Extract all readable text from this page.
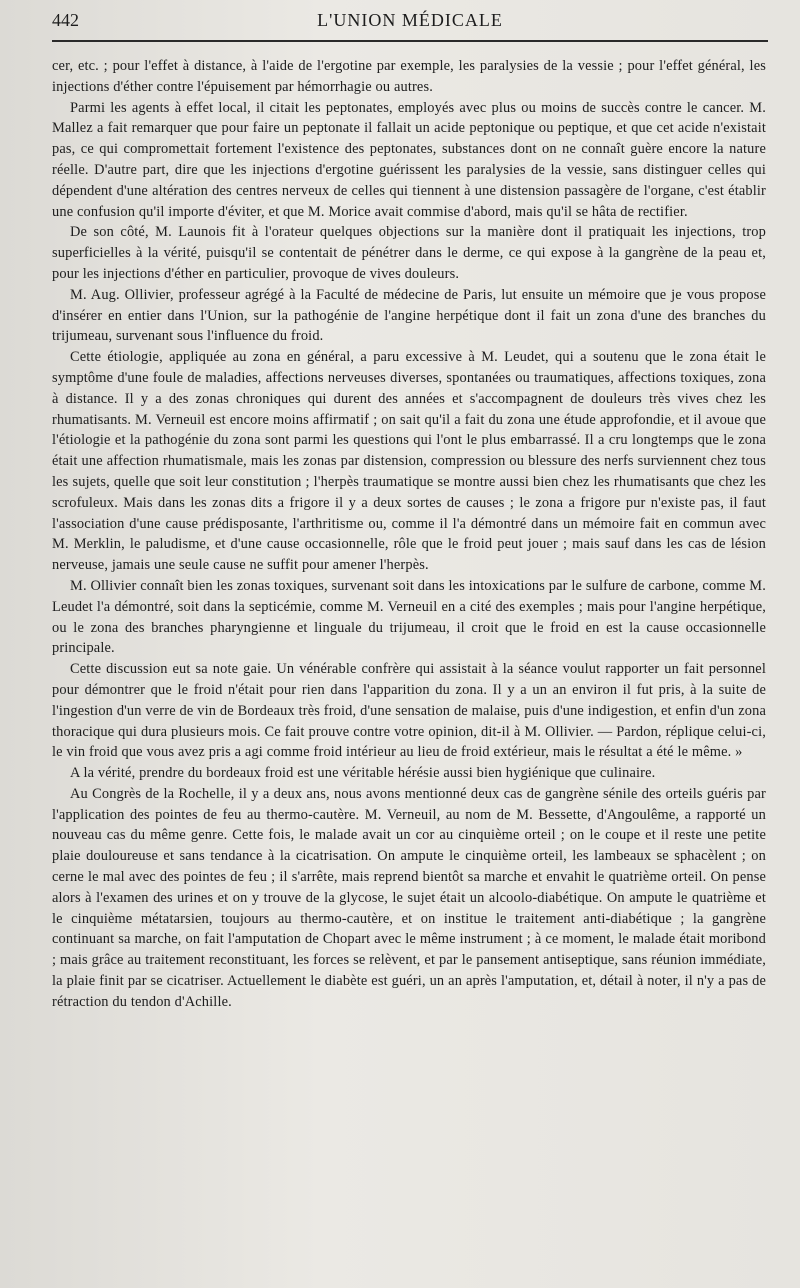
442	L'UNION MÉDICALE

cer, etc. ; pour l'effet à distance, à l'aide de l'ergotine par exemple, les paralysies de la vessie ; pour l'effet général, les injections d'éther contre l'épuisement par hémorrhagie ou autres.

Parmi les agents à effet local, il citait les peptonates, employés avec plus ou moins de succès contre le cancer. M. Mallez a fait remarquer que pour faire un peptonate il fallait un acide peptonique ou peptique, et que cet acide n'existait pas, ce qui compromettait fortement l'existence des peptonates, substances dont on ne connaît guère encore la nature réelle. D'autre part, dire que les injections d'ergotine guérissent les paralysies de la vessie, sans distinguer celles qui dépendent d'une altération des centres nerveux de celles qui tiennent à une distension passagère de l'organe, c'est établir une confusion qu'il importe d'éviter, et que M. Morice avait commise d'abord, mais qu'il se hâta de rectifier.

De son côté, M. Launois fit à l'orateur quelques objections sur la manière dont il pratiquait les injections, trop superficielles à la vérité, puisqu'il se contentait de pénétrer dans le derme, ce qui expose à la gangrène de la peau et, pour les injections d'éther en particulier, provoque de vives douleurs.

M. Aug. Ollivier, professeur agrégé à la Faculté de médecine de Paris, lut ensuite un mémoire que je vous propose d'insérer en entier dans l'Union, sur la pathogénie de l'angine herpétique dont il fait un zona d'une des branches du trijumeau, survenant sous l'influence du froid.

Cette étiologie, appliquée au zona en général, a paru excessive à M. Leudet, qui a soutenu que le zona était le symptôme d'une foule de maladies, affections nerveuses diverses, spontanées ou traumatiques, affections toxiques, zona à distance. Il y a des zonas chroniques qui durent des années et s'accompagnent de douleurs très vives chez les rhumatisants. M. Verneuil est encore moins affirmatif ; on sait qu'il a fait du zona une étude approfondie, et il avoue que l'étiologie et la pathogénie du zona sont parmi les questions qui l'ont le plus embarrassé. Il a cru longtemps que le zona était une affection rhumatismale, mais les zonas par distension, compression ou blessure des nerfs surviennent chez tous les sujets, quelle que soit leur constitution ; l'herpès traumatique se montre aussi bien chez les rhumatisants que chez les scrofuleux. Mais dans les zonas dits a frigore il y a deux sortes de causes ; le zona a frigore pur n'existe pas, il faut l'association d'une cause prédisposante, l'arthritisme ou, comme il l'a démontré dans un mémoire fait en commun avec M. Merklin, le paludisme, et d'une cause occasionnelle, rôle que le froid peut jouer ; mais sauf dans les cas de lésion nerveuse, jamais une seule cause ne suffit pour amener l'herpès.

M. Ollivier connaît bien les zonas toxiques, survenant soit dans les intoxications par le sulfure de carbone, comme M. Leudet l'a démontré, soit dans la septicémie, comme M. Verneuil en a cité des exemples ; mais pour l'angine herpétique, ou le zona des branches pharyngienne et linguale du trijumeau, il croit que le froid en est la cause occasionnelle principale.

Cette discussion eut sa note gaie. Un vénérable confrère qui assistait à la séance voulut rapporter un fait personnel pour démontrer que le froid n'était pour rien dans l'apparition du zona. Il y a un an environ il fut pris, à la suite de l'ingestion d'un verre de vin de Bordeaux très froid, d'une sensation de malaise, puis d'une indigestion, et enfin d'un zona thoracique qui dura plusieurs mois. Ce fait prouve contre votre opinion, dit-il à M. Ollivier. — Pardon, réplique celui-ci, le vin froid que vous avez pris a agi comme froid intérieur au lieu de froid extérieur, mais le résultat a été le même. »

A la vérité, prendre du bordeaux froid est une véritable hérésie aussi bien hygiénique que culinaire.

Au Congrès de la Rochelle, il y a deux ans, nous avons mentionné deux cas de gangrène sénile des orteils guéris par l'application des pointes de feu au thermo-cautère. M. Verneuil, au nom de M. Bessette, d'Angoulême, a rapporté un nouveau cas du même genre. Cette fois, le malade avait un cor au cinquième orteil ; on le coupe et il reste une petite plaie douloureuse et sans tendance à la cicatrisation. On ampute le cinquième orteil, les lambeaux se sphacèlent ; on cerne le mal avec des pointes de feu ; il s'arrête, mais reprend bientôt sa marche et envahit le quatrième orteil. On pense alors à l'examen des urines et on y trouve de la glycose, le sujet était un alcoolo-diabétique. On ampute le quatrième et le cinquième métatarsien, toujours au thermo-cautère, et on institue le traitement anti-diabétique ; la gangrène continuant sa marche, on fait l'amputation de Chopart avec le même instrument ; à ce moment, le malade était moribond ; mais grâce au traitement reconstituant, les forces se relèvent, et par le pansement antiseptique, sans réunion immédiate, la plaie finit par se cicatriser. Actuellement le diabète est guéri, un an après l'amputation, et, détail à noter, il n'y a pas de rétraction du tendon d'Achille.
